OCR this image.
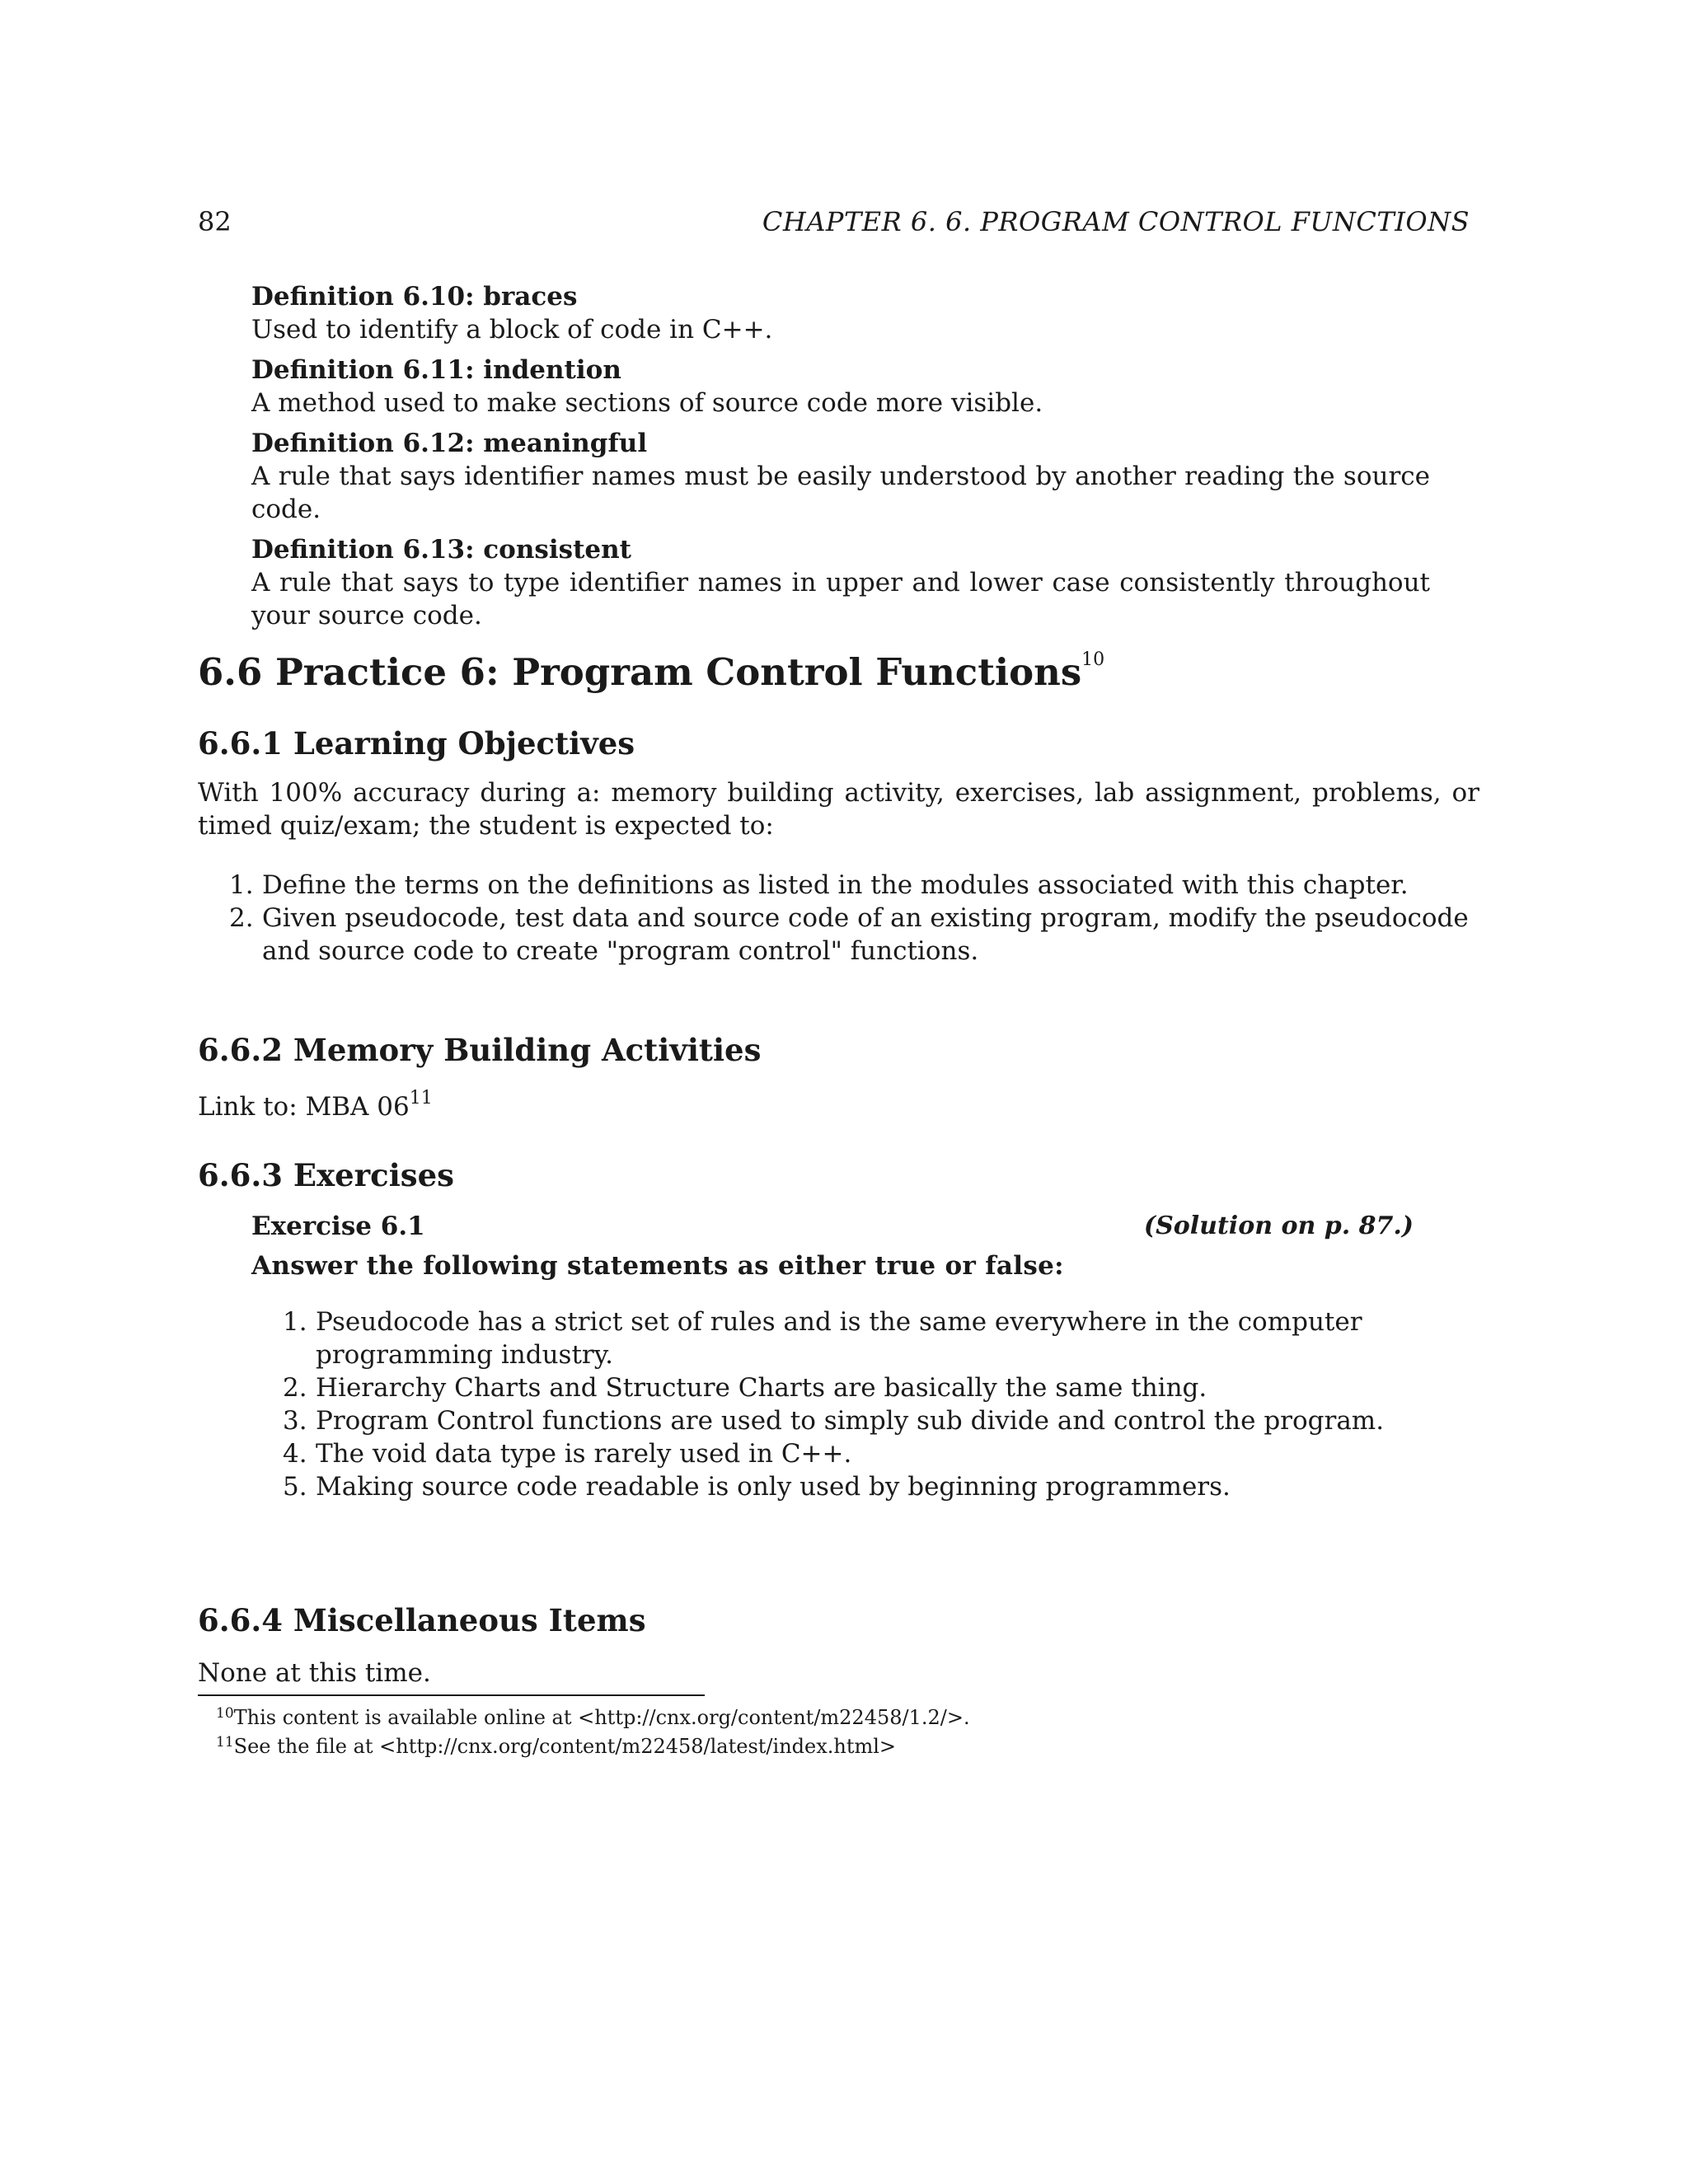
82	CHAPTER 6. 6. PROGRAM CONTROL FUNCTIONS
Definition 6.10: braces
Used to identify a block of code in C++.
Definition 6.11: indention
A method used to make sections of source code more visible.
Definition 6.12: meaningful
A rule that says identifier names must be easily understood by another reading the source code.
Definition 6.13: consistent
A rule that says to type identifier names in upper and lower case consistently throughout your source code.
6.6 Practice 6: Program Control Functions$^{10}$
6.6.1 Learning Objectives
With 100% accuracy during a: memory building activity, exercises, lab assignment, problems, or timed quiz/exam; the student is expected to:
1. Define the terms on the definitions as listed in the modules associated with this chapter.
2. Given pseudocode, test data and source code of an existing program, modify the pseudocode and source code to create "program control" functions.
6.6.2 Memory Building Activities
Link to: MBA $06^{11}$
6.6.3 Exercises
Exercise 6.1	(Solution on p. 87.)
Answer the following statements as either true or false:
1. Pseudocode has a strict set of rules and is the same everywhere in the computer programming industry.
2. Hierarchy Charts and Structure Charts are basically the same thing.
3. Program Control functions are used to simply sub divide and control the program.
4. The void data type is rarely used in C++.
5. Making source code readable is only used by beginning programmers.
6.6.4 Miscellaneous Items
None at this time.
$^{10}$This content is available online at <http://cnx.org/content/m22458/1.2/>.
$^{11}$See the file at <http://cnx.org/content/m22458/latest/index.html>
